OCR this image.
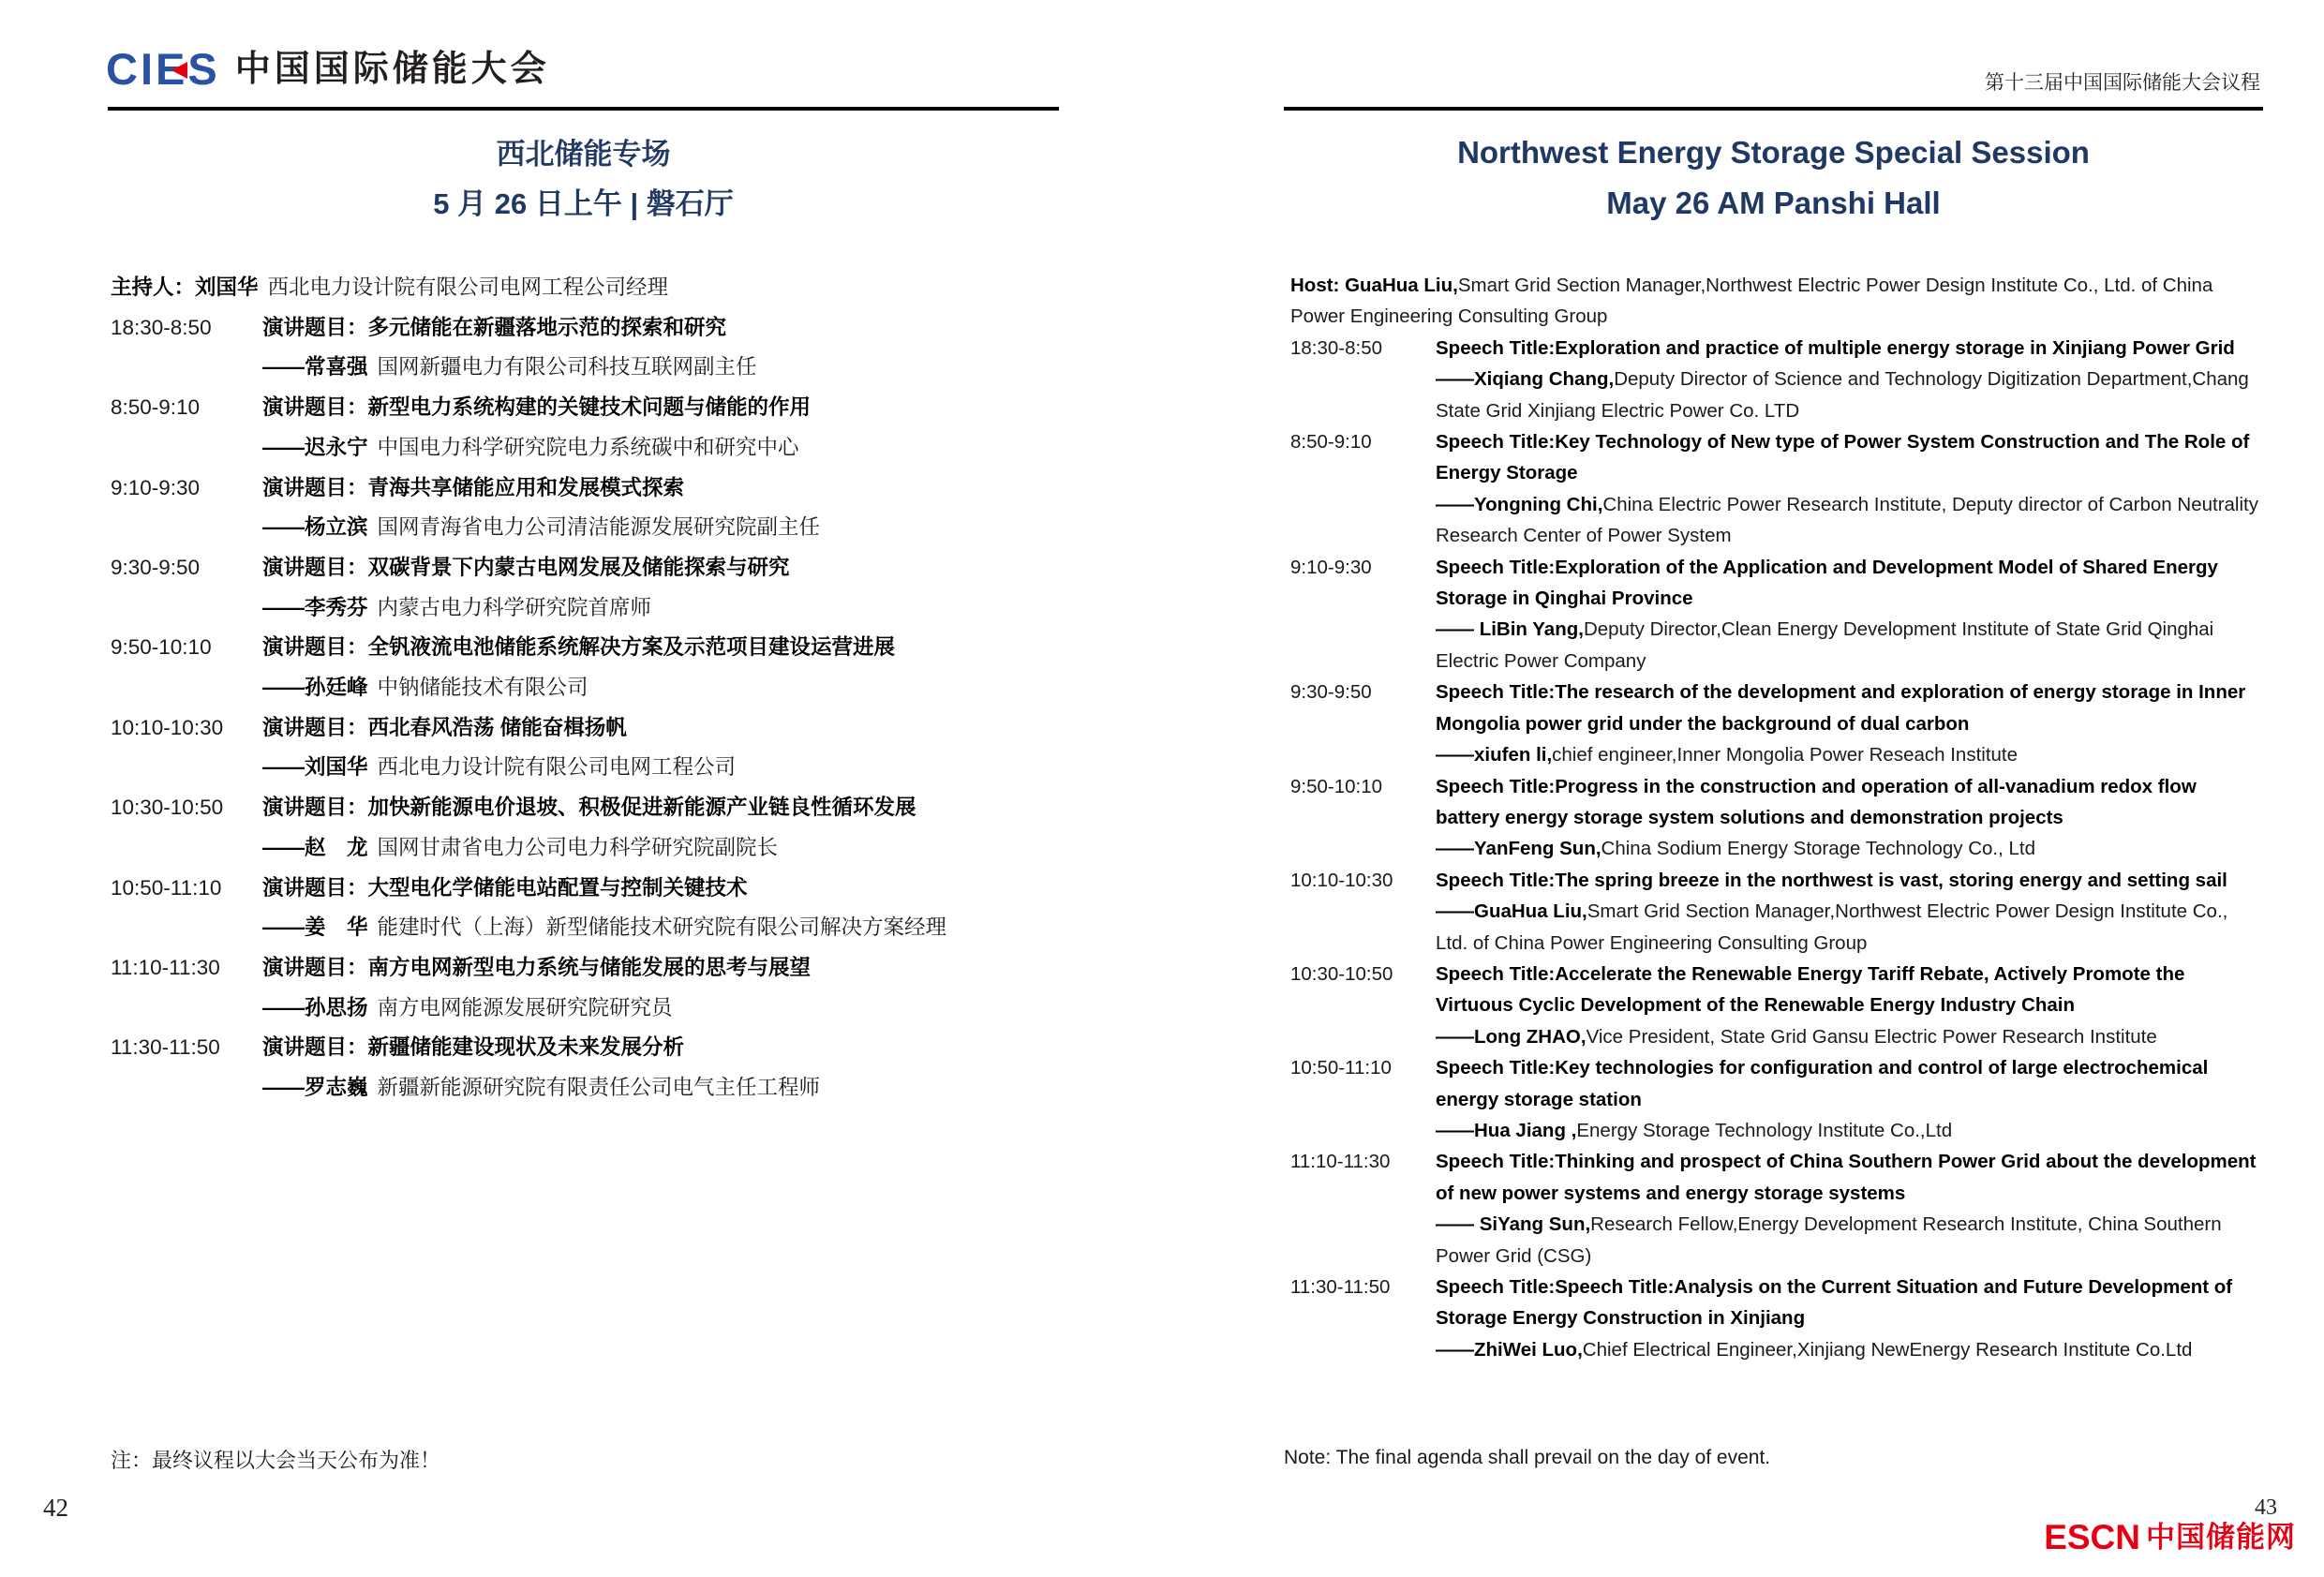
CIES 中国国际储能大会	第十三届中国国际储能大会议程
西北储能专场
5 月 26 日上午 | 磐石厅
主持人：刘国华 西北电力设计院有限公司电网工程公司经理
18:30-8:50	演讲题目：多元储能在新疆落地示范的探索和研究
——常喜强 国网新疆电力有限公司科技互联网副主任
8:50-9:10	演讲题目：新型电力系统构建的关键技术问题与储能的作用
——迟永宁 中国电力科学研究院电力系统碳中和研究中心
9:10-9:30	演讲题目：青海共享储能应用和发展模式探索
——杨立滨 国网青海省电力公司清洁能源发展研究院副主任
9:30-9:50	演讲题目：双碳背景下内蒙古电网发展及储能探索与研究
——李秀芬 内蒙古电力科学研究院首席师
9:50-10:10	演讲题目：全钒液流电池储能系统解决方案及示范项目建设运营进展
——孙廷峰 中钠储能技术有限公司
10:10-10:30	演讲题目：西北春风浩荡 储能奋楫扬帆
——刘国华 西北电力设计院有限公司电网工程公司
10:30-10:50	演讲题目：加快新能源电价退坡、积极促进新能源产业链良性循环发展
——赵　龙 国网甘肃省电力公司电力科学研究院副院长
10:50-11:10	演讲题目：大型电化学储能电站配置与控制关键技术
——姜　华 能建时代（上海）新型储能技术研究院有限公司解决方案经理
11:10-11:30	演讲题目：南方电网新型电力系统与储能发展的思考与展望
——孙思扬 南方电网能源发展研究院研究员
11:30-11:50	演讲题目：新疆储能建设现状及未来发展分析
——罗志巍 新疆新能源研究院有限责任公司电气主任工程师
注：最终议程以大会当天公布为准！
42
Northwest Energy Storage Special Session
May 26 AM Panshi Hall
Host: GuaHua Liu,Smart Grid Section Manager,Northwest Electric Power Design Institute Co., Ltd. of China Power Engineering Consulting Group
18:30-8:50	Speech Title:Exploration and practice of multiple energy storage in Xinjiang Power Grid
——Xiqiang Chang,Deputy Director of Science and Technology Digitization Department,Chang State Grid Xinjiang Electric Power Co. LTD
8:50-9:10	Speech Title:Key Technology of New type of Power System Construction and The Role of Energy Storage
——Yongning Chi,China Electric Power Research Institute, Deputy director of Carbon Neutrality Research Center of Power System
9:10-9:30	Speech Title:Exploration of the Application and Development Model of Shared Energy Storage in Qinghai Province
—— LiBin Yang,Deputy Director,Clean Energy Development Institute of State Grid Qinghai Electric Power Company
9:30-9:50	Speech Title:The research of the development and exploration of energy storage in Inner Mongolia power grid under the background of dual carbon
——xiufen li,chief engineer,Inner Mongolia Power Reseach Institute
9:50-10:10	Speech Title:Progress in the construction and operation of all-vanadium redox flow battery energy storage system solutions and demonstration projects
——YanFeng Sun,China Sodium Energy Storage Technology Co., Ltd
10:10-10:30	Speech Title:The spring breeze in the northwest is vast, storing energy and setting sail
——GuaHua Liu,Smart Grid Section Manager,Northwest Electric Power Design Institute Co., Ltd. of China Power Engineering Consulting Group
10:30-10:50	Speech Title:Accelerate the Renewable Energy Tariff Rebate, Actively Promote the Virtuous Cyclic Development of the Renewable Energy Industry Chain
——Long ZHAO,Vice President, State Grid Gansu Electric Power Research Institute
10:50-11:10	Speech Title:Key technologies for configuration and control of large electrochemical energy storage station
——Hua Jiang ,Energy Storage Technology Institute Co.,Ltd
11:10-11:30	Speech Title:Thinking and prospect of China Southern Power Grid about the development of new power systems and energy storage systems
—— SiYang Sun,Research Fellow,Energy Development Research Institute, China Southern Power Grid (CSG)
11:30-11:50	Speech Title:Speech Title:Analysis on the Current Situation and Future Development of Storage Energy Construction in Xinjiang
——ZhiWei Luo,Chief Electrical Engineer,Xinjiang NewEnergy Research Institute Co.Ltd
Note: The final agenda shall prevail on the day of event.
43
ESCN 中国储能网
